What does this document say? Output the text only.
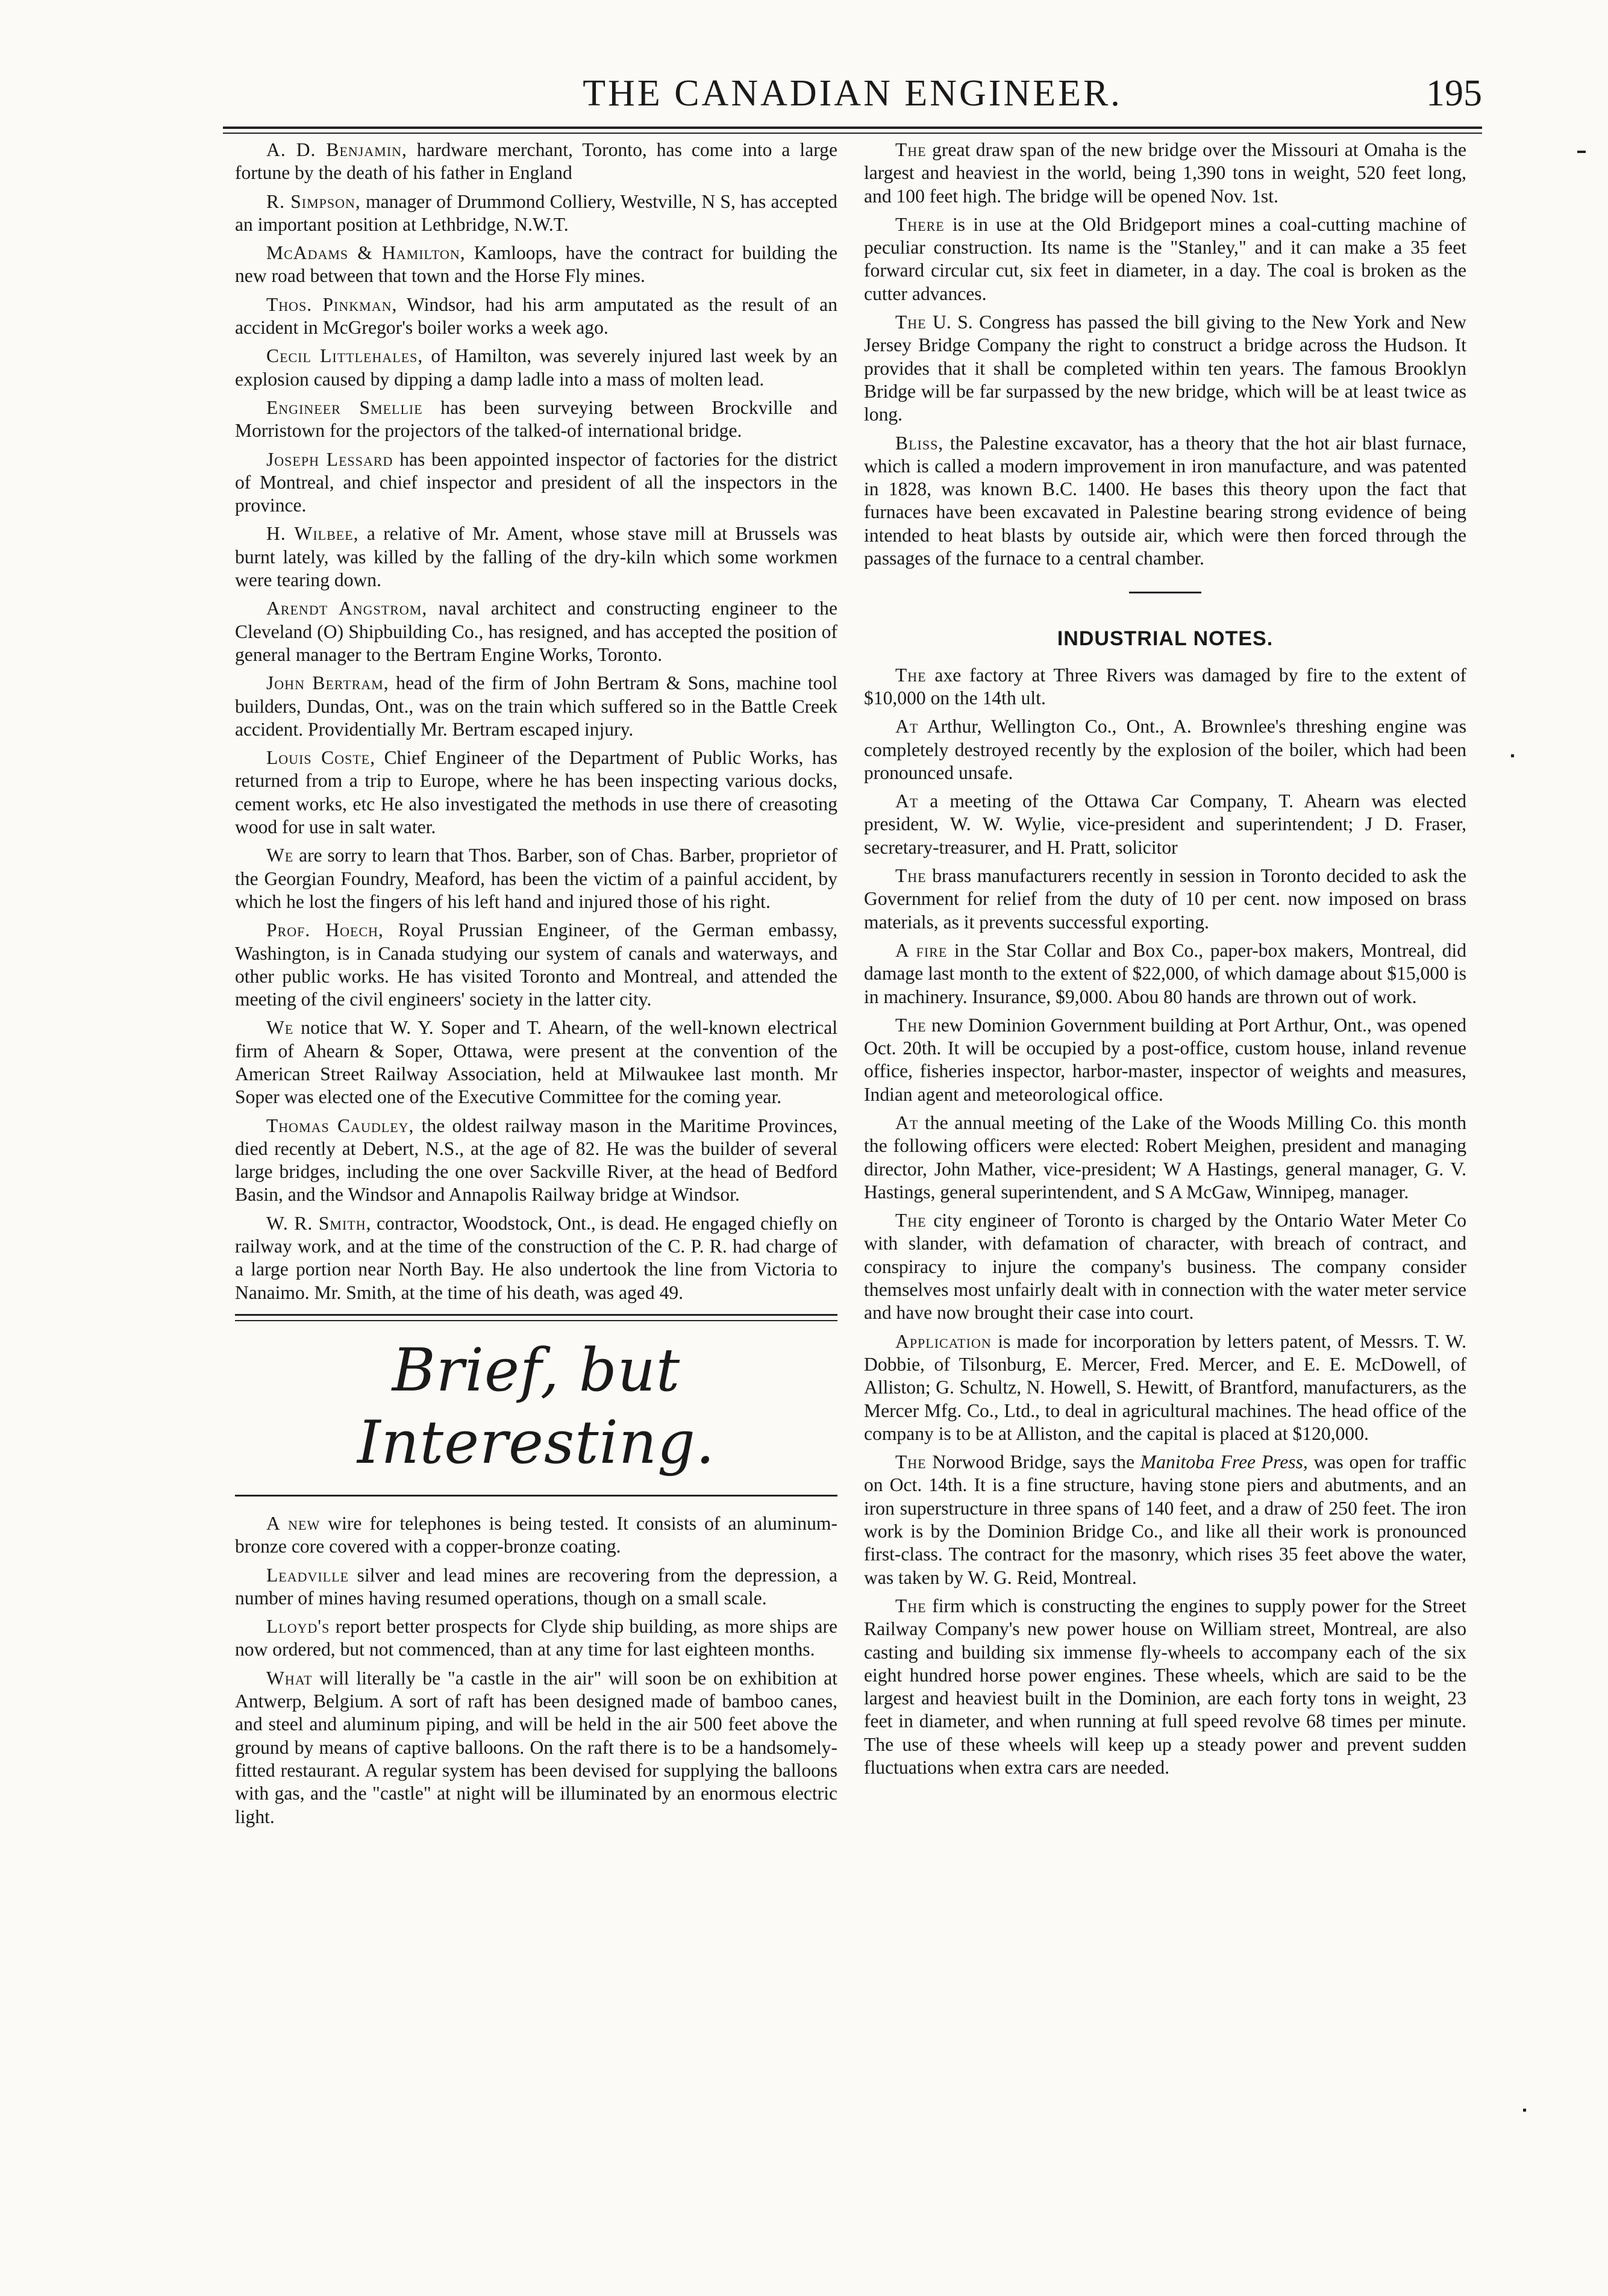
THE CANADIAN ENGINEER.	195

A. D. Benjamin, hardware merchant, Toronto, has come into a large fortune by the death of his father in England

R. Simpson, manager of Drummond Colliery, Westville, N S, has accepted an important position at Lethbridge, N.W.T.

McAdams & Hamilton, Kamloops, have the contract for building the new road between that town and the Horse Fly mines.

Thos. Pinkman, Windsor, had his arm amputated as the result of an accident in McGregor's boiler works a week ago.

Cecil Littlehales, of Hamilton, was severely injured last week by an explosion caused by dipping a damp ladle into a mass of molten lead.

Engineer Smellie has been surveying between Brockville and Morristown for the projectors of the talked-of international bridge.

Joseph Lessard has been appointed inspector of factories for the district of Montreal, and chief inspector and president of all the inspectors in the province.

H. Wilbee, a relative of Mr. Ament, whose stave mill at Brussels was burnt lately, was killed by the falling of the dry-kiln which some workmen were tearing down.

Arendt Angstrom, naval architect and constructing engineer to the Cleveland (O) Shipbuilding Co., has resigned, and has accepted the position of general manager to the Bertram Engine Works, Toronto.

John Bertram, head of the firm of John Bertram & Sons, machine tool builders, Dundas, Ont., was on the train which suffered so in the Battle Creek accident. Providentially Mr. Bertram escaped injury.

Louis Coste, Chief Engineer of the Department of Public Works, has returned from a trip to Europe, where he has been inspecting various docks, cement works, etc He also investigated the methods in use there of creasoting wood for use in salt water.

We are sorry to learn that Thos. Barber, son of Chas. Barber, proprietor of the Georgian Foundry, Meaford, has been the victim of a painful accident, by which he lost the fingers of his left hand and injured those of his right.

Prof. Hoech, Royal Prussian Engineer, of the German embassy, Washington, is in Canada studying our system of canals and waterways, and other public works. He has visited Toronto and Montreal, and attended the meeting of the civil engineers' society in the latter city.

We notice that W. Y. Soper and T. Ahearn, of the well-known electrical firm of Ahearn & Soper, Ottawa, were present at the convention of the American Street Railway Association, held at Milwaukee last month. Mr Soper was elected one of the Executive Committee for the coming year.

Thomas Caudley, the oldest railway mason in the Maritime Provinces, died recently at Debert, N.S., at the age of 82. He was the builder of several large bridges, including the one over Sackville River, at the head of Bedford Basin, and the Windsor and Annapolis Railway bridge at Windsor.

W. R. Smith, contractor, Woodstock, Ont., is dead. He engaged chiefly on railway work, and at the time of the construction of the C. P. R. had charge of a large portion near North Bay. He also undertook the line from Victoria to Nanaimo. Mr. Smith, at the time of his death, was aged 49.

Brief, but Interesting.

A new wire for telephones is being tested. It consists of an aluminum-bronze core covered with a copper-bronze coating.

Leadville silver and lead mines are recovering from the depression, a number of mines having resumed operations, though on a small scale.

Lloyd's report better prospects for Clyde ship building, as more ships are now ordered, but not commenced, than at any time for last eighteen months.

What will literally be "a castle in the air" will soon be on exhibition at Antwerp, Belgium. A sort of raft has been designed made of bamboo canes, and steel and aluminum piping, and will be held in the air 500 feet above the ground by means of captive balloons. On the raft there is to be a handsomely-fitted restaurant. A regular system has been devised for supplying the balloons with gas, and the "castle" at night will be illuminated by an enormous electric light.

The great draw span of the new bridge over the Missouri at Omaha is the largest and heaviest in the world, being 1,390 tons in weight, 520 feet long, and 100 feet high. The bridge will be opened Nov. 1st.

There is in use at the Old Bridgeport mines a coal-cutting machine of peculiar construction. Its name is the "Stanley," and it can make a 35 feet forward circular cut, six feet in diameter, in a day. The coal is broken as the cutter advances.

The U. S. Congress has passed the bill giving to the New York and New Jersey Bridge Company the right to construct a bridge across the Hudson. It provides that it shall be completed within ten years. The famous Brooklyn Bridge will be far surpassed by the new bridge, which will be at least twice as long.

Bliss, the Palestine excavator, has a theory that the hot air blast furnace, which is called a modern improvement in iron manufacture, and was patented in 1828, was known B.C. 1400. He bases this theory upon the fact that furnaces have been excavated in Palestine bearing strong evidence of being intended to heat blasts by outside air, which were then forced through the passages of the furnace to a central chamber.

INDUSTRIAL NOTES.

The axe factory at Three Rivers was damaged by fire to the extent of $10,000 on the 14th ult.

At Arthur, Wellington Co., Ont., A. Brownlee's threshing engine was completely destroyed recently by the explosion of the boiler, which had been pronounced unsafe.

At a meeting of the Ottawa Car Company, T. Ahearn was elected president, W. W. Wylie, vice-president and superintendent; J D. Fraser, secretary-treasurer, and H. Pratt, solicitor

The brass manufacturers recently in session in Toronto decided to ask the Government for relief from the duty of 10 per cent. now imposed on brass materials, as it prevents successful exporting.

A fire in the Star Collar and Box Co., paper-box makers, Montreal, did damage last month to the extent of $22,000, of which damage about $15,000 is in machinery. Insurance, $9,000. Abou 80 hands are thrown out of work.

The new Dominion Government building at Port Arthur, Ont., was opened Oct. 20th. It will be occupied by a post-office, custom house, inland revenue office, fisheries inspector, harbor-master, inspector of weights and measures, Indian agent and meteorological office.

At the annual meeting of the Lake of the Woods Milling Co. this month the following officers were elected: Robert Meighen, president and managing director, John Mather, vice-president; W A Hastings, general manager, G. V. Hastings, general superintendent, and S A McGaw, Winnipeg, manager.

The city engineer of Toronto is charged by the Ontario Water Meter Co with slander, with defamation of character, with breach of contract, and conspiracy to injure the company's business. The company consider themselves most unfairly dealt with in connection with the water meter service and have now brought their case into court.

Application is made for incorporation by letters patent, of Messrs. T. W. Dobbie, of Tilsonburg, E. Mercer, Fred. Mercer, and E. E. McDowell, of Alliston; G. Schultz, N. Howell, S. Hewitt, of Brantford, manufacturers, as the Mercer Mfg. Co., Ltd., to deal in agricultural machines. The head office of the company is to be at Alliston, and the capital is placed at $120,000.

The Norwood Bridge, says the Manitoba Free Press, was open for traffic on Oct. 14th. It is a fine structure, having stone piers and abutments, and an iron superstructure in three spans of 140 feet, and a draw of 250 feet. The iron work is by the Dominion Bridge Co., and like all their work is pronounced first-class. The contract for the masonry, which rises 35 feet above the water, was taken by W. G. Reid, Montreal.

The firm which is constructing the engines to supply power for the Street Railway Company's new power house on William street, Montreal, are also casting and building six immense fly-wheels to accompany each of the six eight hundred horse power engines. These wheels, which are said to be the largest and heaviest built in the Dominion, are each forty tons in weight, 23 feet in diameter, and when running at full speed revolve 68 times per minute. The use of these wheels will keep up a steady power and prevent sudden fluctuations when extra cars are needed.
